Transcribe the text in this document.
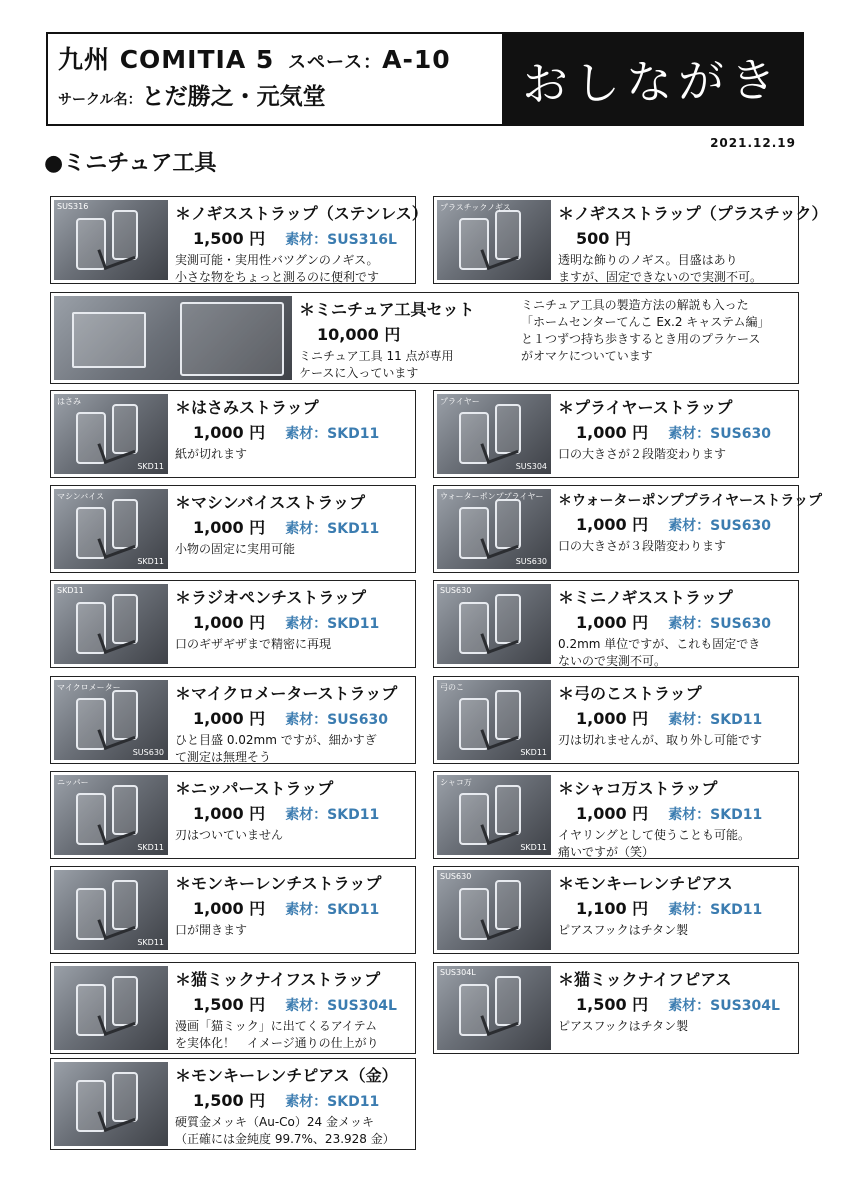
九州 COMITIA 5 スペース：A-10
サークル名：とだ勝之・元気堂	おしながき
2021.12.19
●ミニチュア工具
SUS316	＊ノギスストラップ（ステンレス）
1,500 円 素材：SUS316L
実測可能・実用性バツグンのノギス。
小さな物をちょっと測るのに便利です
プラスチックノギス	＊ノギスストラップ（プラスチック）
500 円
透明な飾りのノギス。目盛はあり
ますが、固定できないので実測不可。
＊ミニチュア工具セット
10,000 円
ミニチュア工具 11 点が専用
ケースに入っています
ミニチュア工具の製造方法の解説も入った
「ホームセンターてんこ Ex.2 キャステム編」
と１つずつ持ち歩きするとき用のプラケース
がオマケについています
はさみ
SKD11
＊はさみストラップ
1,000 円 素材：SKD11
紙が切れます
プライヤー
SUS304
＊プライヤーストラップ
1,000 円 素材：SUS630
口の大きさが２段階変わります
マシンバイス
SKD11
＊マシンバイスストラップ
1,000 円 素材：SKD11
小物の固定に実用可能
ウォーターポンププライヤー
SUS630
＊ウォーターポンププライヤーストラップ
1,000 円 素材：SUS630
口の大きさが３段階変わります
SKD11	＊ラジオペンチストラップ
1,000 円 素材：SKD11
口のギザギザまで精密に再現
SUS630	＊ミニノギスストラップ
1,000 円 素材：SUS630
0.2mm 単位ですが、これも固定でき
ないので実測不可。
マイクロメーター
SUS630
＊マイクロメーターストラップ
1,000 円 素材：SUS630
ひと目盛 0.02mm ですが、細かすぎ
て測定は無理そう
弓のこ
SKD11
＊弓のこストラップ
1,000 円 素材：SKD11
刃は切れませんが、取り外し可能です
ニッパー
SKD11
＊ニッパーストラップ
1,000 円 素材：SKD11
刃はついていません
シャコ万
SKD11
＊シャコ万ストラップ
1,000 円 素材：SKD11
イヤリングとして使うことも可能。
痛いですが（笑）
SKD11
＊モンキーレンチストラップ
1,000 円 素材：SKD11
口が開きます
SUS630	＊モンキーレンチピアス
1,100 円 素材：SKD11
ピアスフックはチタン製
＊猫ミックナイフストラップ
1,500 円 素材：SUS304L
漫画「猫ミック」に出てくるアイテム
を実体化！　イメージ通りの仕上がり
SUS304L	＊猫ミックナイフピアス
1,500 円 素材：SUS304L
ピアスフックはチタン製
＊モンキーレンチピアス（金）
1,500 円 素材：SKD11
硬質金メッキ（Au-Co）24 金メッキ
（正確には金純度 99.7%、23.928 金）
